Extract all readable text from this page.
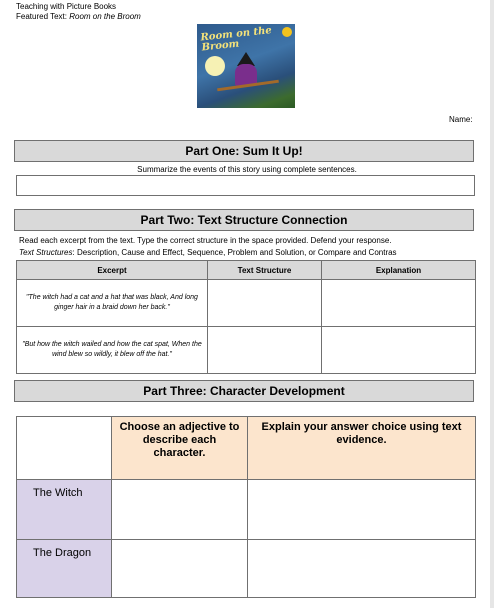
Teaching with Picture Books
Featured Text: Room on the Broom
Room on the Broom
Name:
Part One: Sum It Up!
Summarize the events of this story using complete sentences.
Part Two: Text Structure Connection
Read each excerpt from the text. Type the correct structure in the space provided. Defend your response.
Text Structures: Description, Cause and Effect, Sequence, Problem and Solution, or Compare and Contras
Excerpt	Text Structure	Explanation
"The witch had a cat and a hat that was black, And long ginger hair in a braid down her back."		
"But how the witch wailed and how the cat spat, When the wind blew so wildly, it blew off the hat."		
Part Three: Character Development
	Choose an adjective to describe each character.	Explain your answer choice using text evidence.
The Witch		
The Dragon		
